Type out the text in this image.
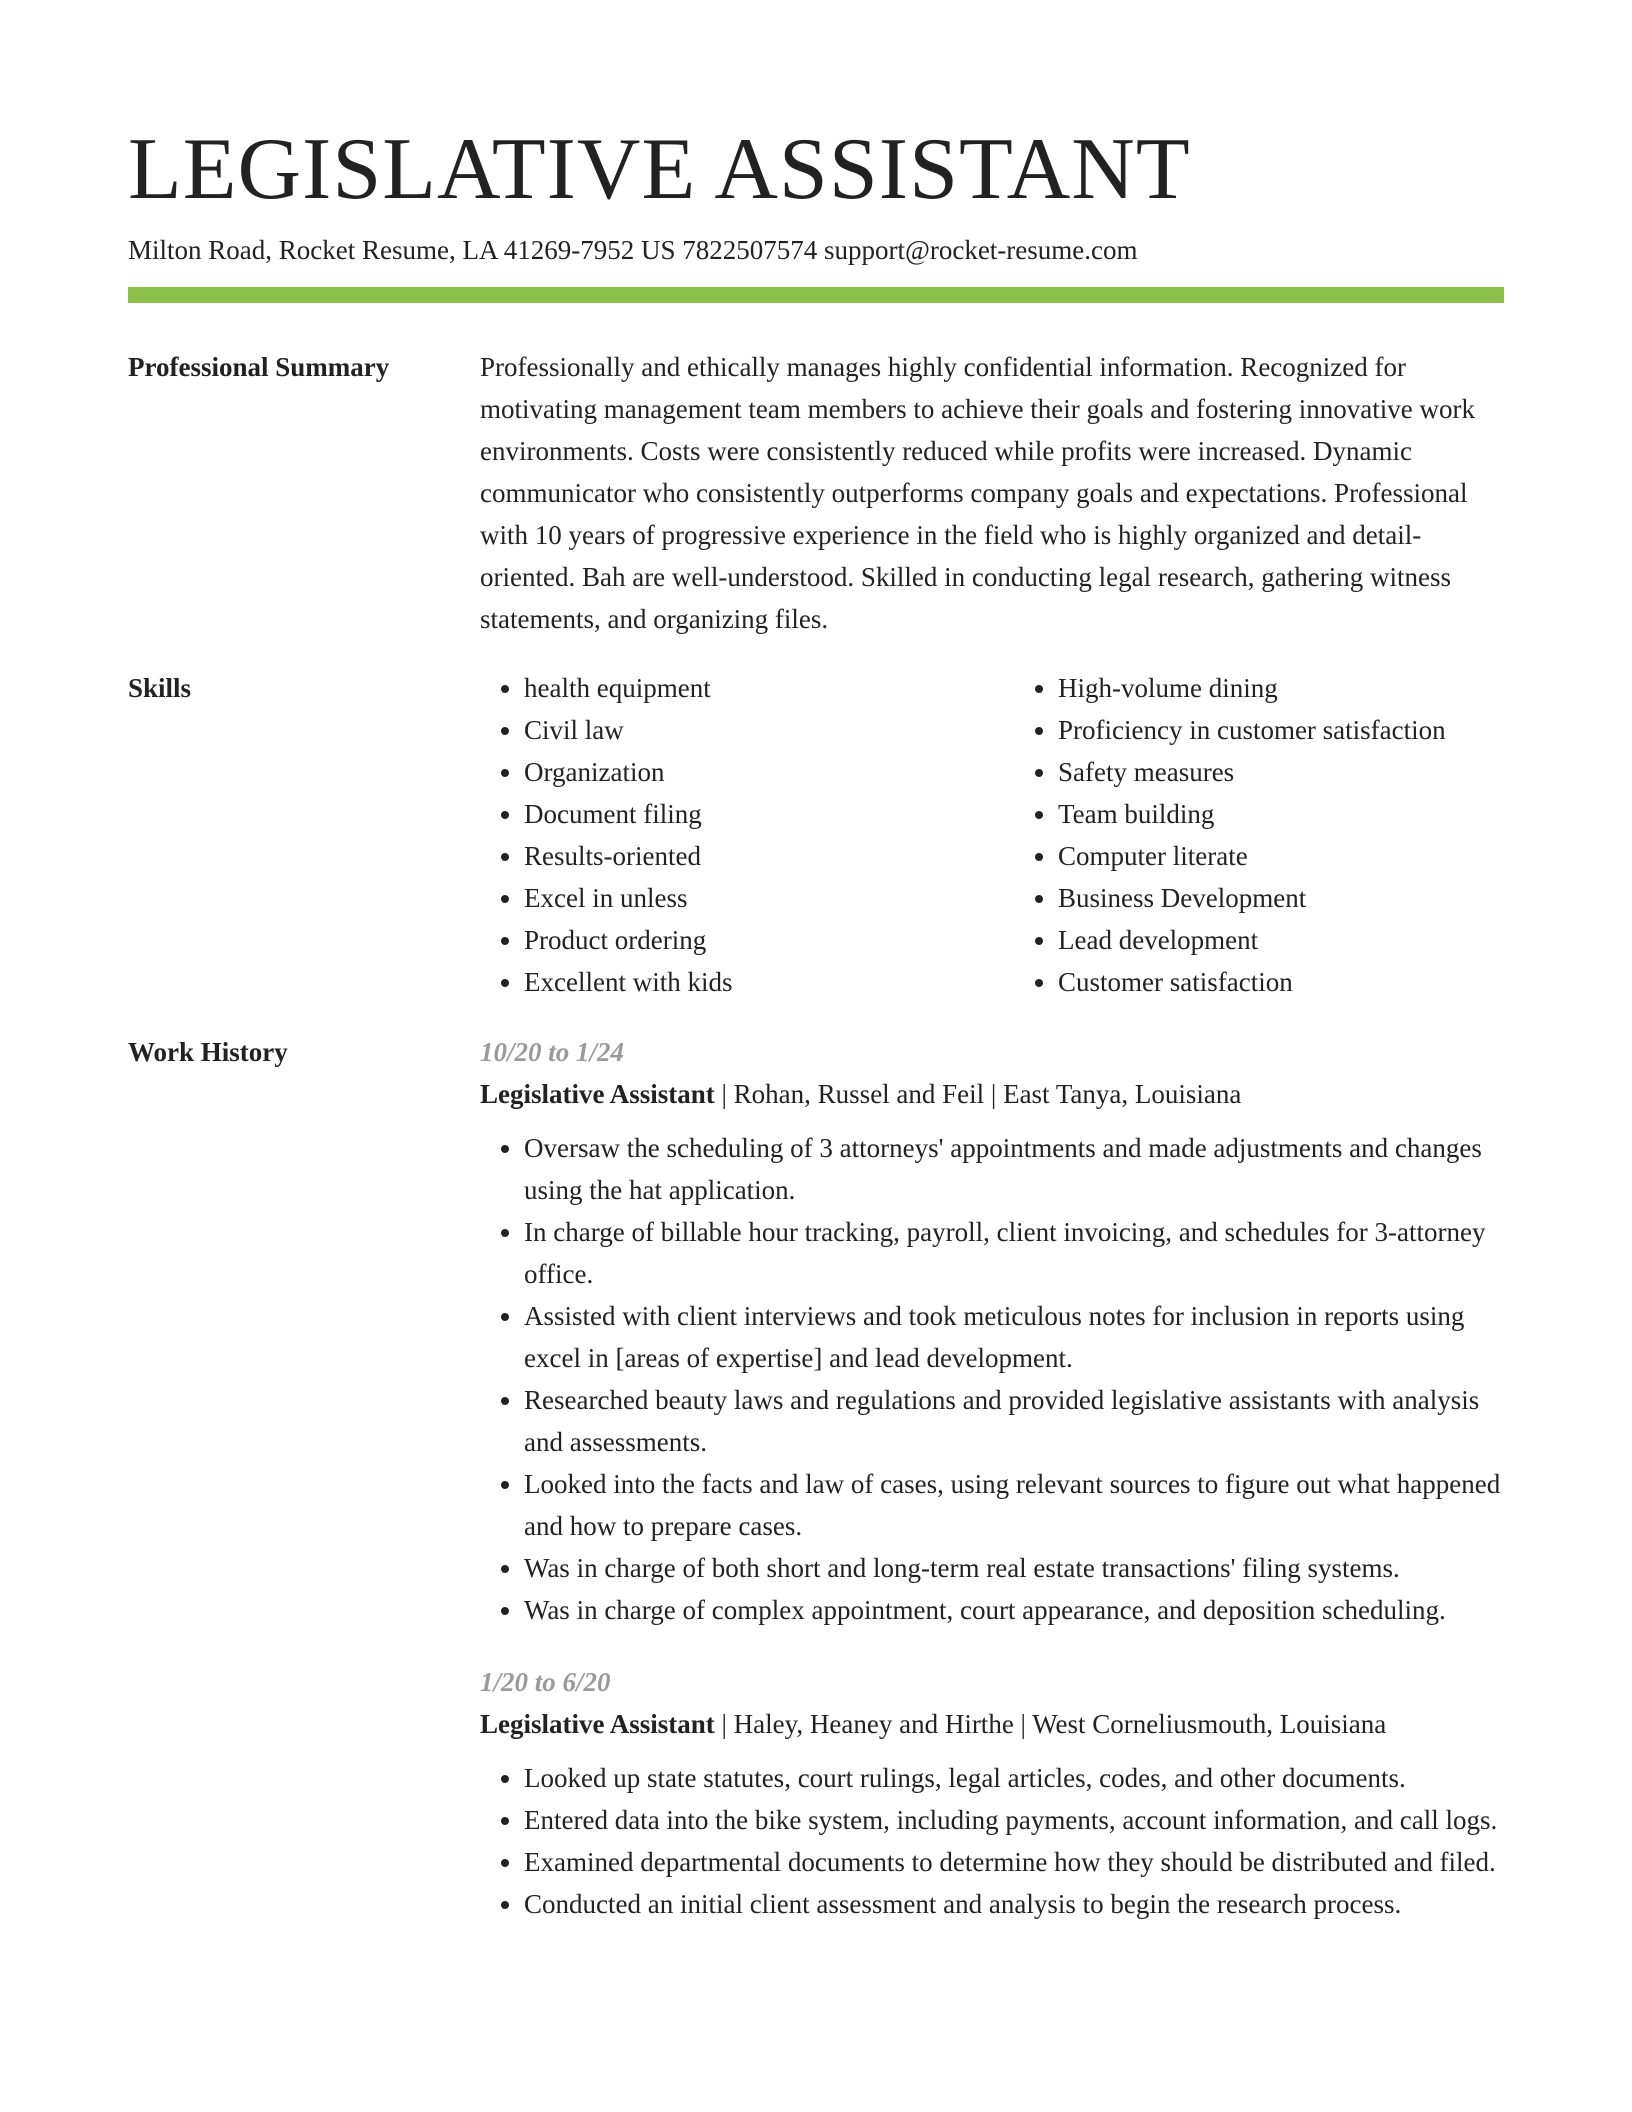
LEGISLATIVE ASSISTANT
Milton Road, Rocket Resume, LA 41269-7952 US 7822507574 support@rocket-resume.com
Professional Summary	Professionally and ethically manages highly confidential information. Recognized for motivating management team members to achieve their goals and fostering innovative work environments. Costs were consistently reduced while profits were increased. Dynamic communicator who consistently outperforms company goals and expectations. Professional with 10 years of progressive experience in the field who is highly organized and detail-oriented. Bah are well-understood. Skilled in conducting legal research, gathering witness statements, and organizing files.

Skills
•	health equipment
• Civil law
• Organization
• Document filing
• Results-oriented
• Excel in unless
• Product ordering
• Excellent with kids
• High-volume dining
• Proficiency in customer satisfaction
• Safety measures
• Team building
• Computer literate
• Business Development
• Lead development
• Customer satisfaction
Work History	10/20 to 1/24
Legislative Assistant | Rohan, Russel and Feil | East Tanya, Louisiana
• Oversaw the scheduling of 3 attorneys' appointments and made adjustments and changes using the hat application.
• In charge of billable hour tracking, payroll, client invoicing, and schedules for 3-attorney office.
• Assisted with client interviews and took meticulous notes for inclusion in reports using excel in [areas of expertise] and lead development.
• Researched beauty laws and regulations and provided legislative assistants with analysis and assessments.
• Looked into the facts and law of cases, using relevant sources to figure out what happened and how to prepare cases.
• Was in charge of both short and long-term real estate transactions' filing systems.
• Was in charge of complex appointment, court appearance, and deposition scheduling.
1/20 to 6/20
Legislative Assistant | Haley, Heaney and Hirthe | West Corneliusmouth, Louisiana
• Looked up state statutes, court rulings, legal articles, codes, and other documents.
• Entered data into the bike system, including payments, account information, and call logs.
• Examined departmental documents to determine how they should be distributed and filed.
• Conducted an initial client assessment and analysis to begin the research process.
